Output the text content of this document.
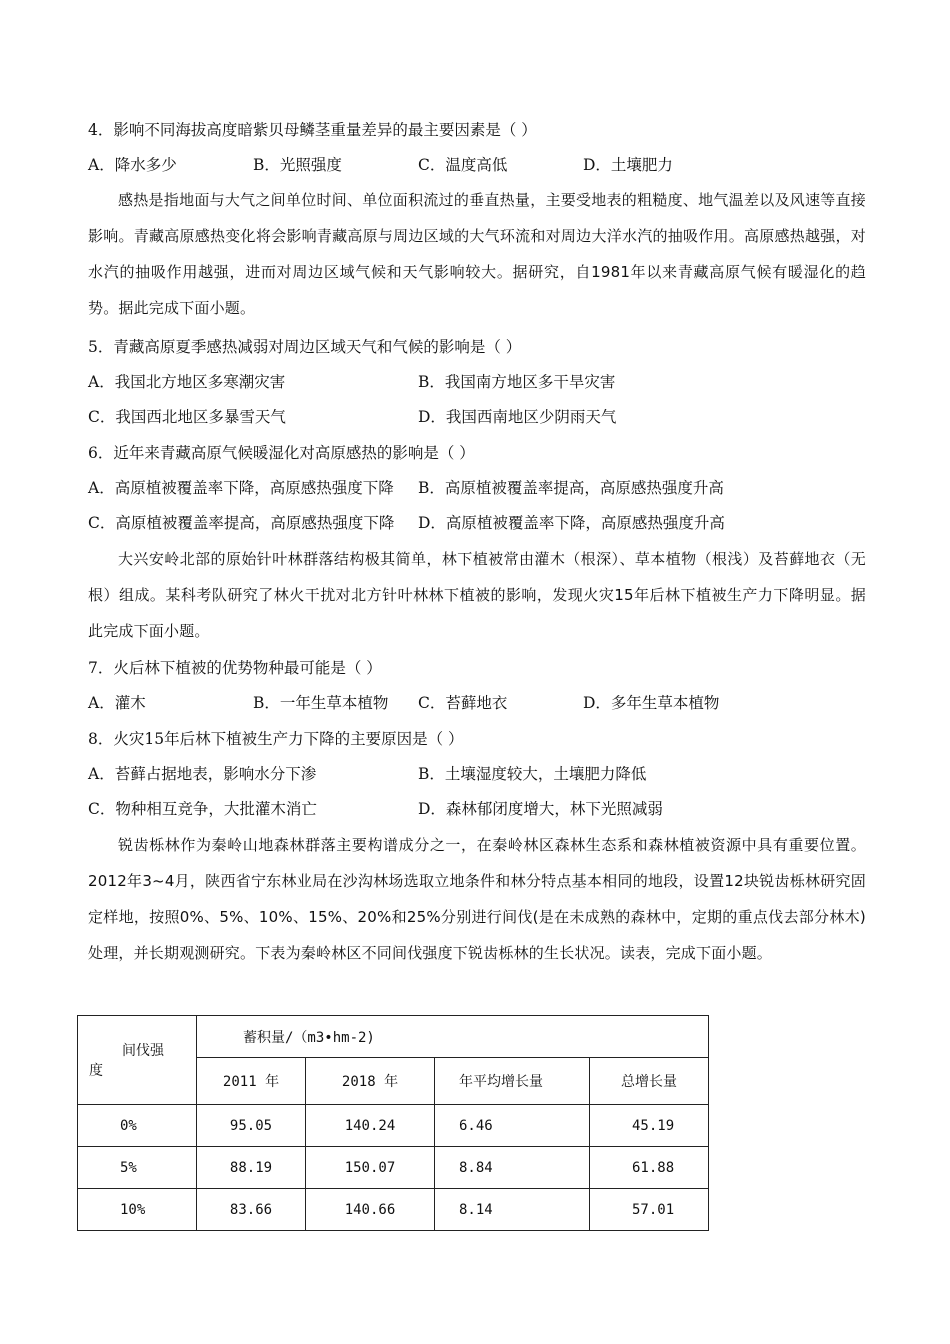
4．影响不同海拔高度暗紫贝母鳞茎重量差异的最主要因素是（ ）
A．降水多少	B．光照强度	C．温度高低	D．土壤肥力

感热是指地面与大气之间单位时间、单位面积流过的垂直热量，主要受地表的粗糙度、地气温差以及风速等直接影响。青藏高原感热变化将会影响青藏高原与周边区域的大气环流和对周边大洋水汽的抽吸作用。高原感热越强，对水汽的抽吸作用越强，进而对周边区域气候和天气影响较大。据研究，自1981年以来青藏高原气候有暖湿化的趋势。据此完成下面小题。

5．青藏高原夏季感热减弱对周边区域天气和气候的影响是（ ）
A．我国北方地区多寒潮灾害	B．我国南方地区多干旱灾害
C．我国西北地区多暴雪天气	D．我国西南地区少阴雨天气
6．近年来青藏高原气候暖湿化对高原感热的影响是（ ）
A．高原植被覆盖率下降，高原感热强度下降 B．高原植被覆盖率提高，高原感热强度升高
C．高原植被覆盖率提高，高原感热强度下降 D．高原植被覆盖率下降，高原感热强度升高

大兴安岭北部的原始针叶林群落结构极其简单，林下植被常由灌木（根深）、草本植物（根浅）及苔藓地衣（无根）组成。某科考队研究了林火干扰对北方针叶林林下植被的影响，发现火灾15年后林下植被生产力下降明显。据此完成下面小题。

7．火后林下植被的优势物种最可能是（ ）
A．灌木	B．一年生草本植物 C．苔藓地衣	D．多年生草本植物
8．火灾15年后林下植被生产力下降的主要原因是（ ）
A．苔藓占据地表，影响水分下渗	B．土壤湿度较大，土壤肥力降低
C．物种相互竞争，大批灌木消亡	D．森林郁闭度增大，林下光照减弱

锐齿栎林作为秦岭山地森林群落主要构谱成分之一，在秦岭林区森林生态系和森林植被资源中具有重要位置。2012年3~4月，陕西省宁东林业局在沙沟林场选取立地条件和林分特点基本相同的地段，设置12块锐齿栎林研究固定样地，按照0%、5%、10%、15%、20%和25%分别进行间伐(是在未成熟的森林中，定期的重点伐去部分林木)处理，并长期观测研究。下表为秦岭林区不同间伐强度下锐齿栎林的生长状况。读表，完成下面小题。

间伐强
度	蓄积量/（m3•hm-2)			
	2011 年	2018 年	年平均增长量	总增长量
0%	95.05	140.24	6.46	45.19
5%	88.19	150.07	8.84	61.88
10%	83.66	140.66	8.14	57.01
